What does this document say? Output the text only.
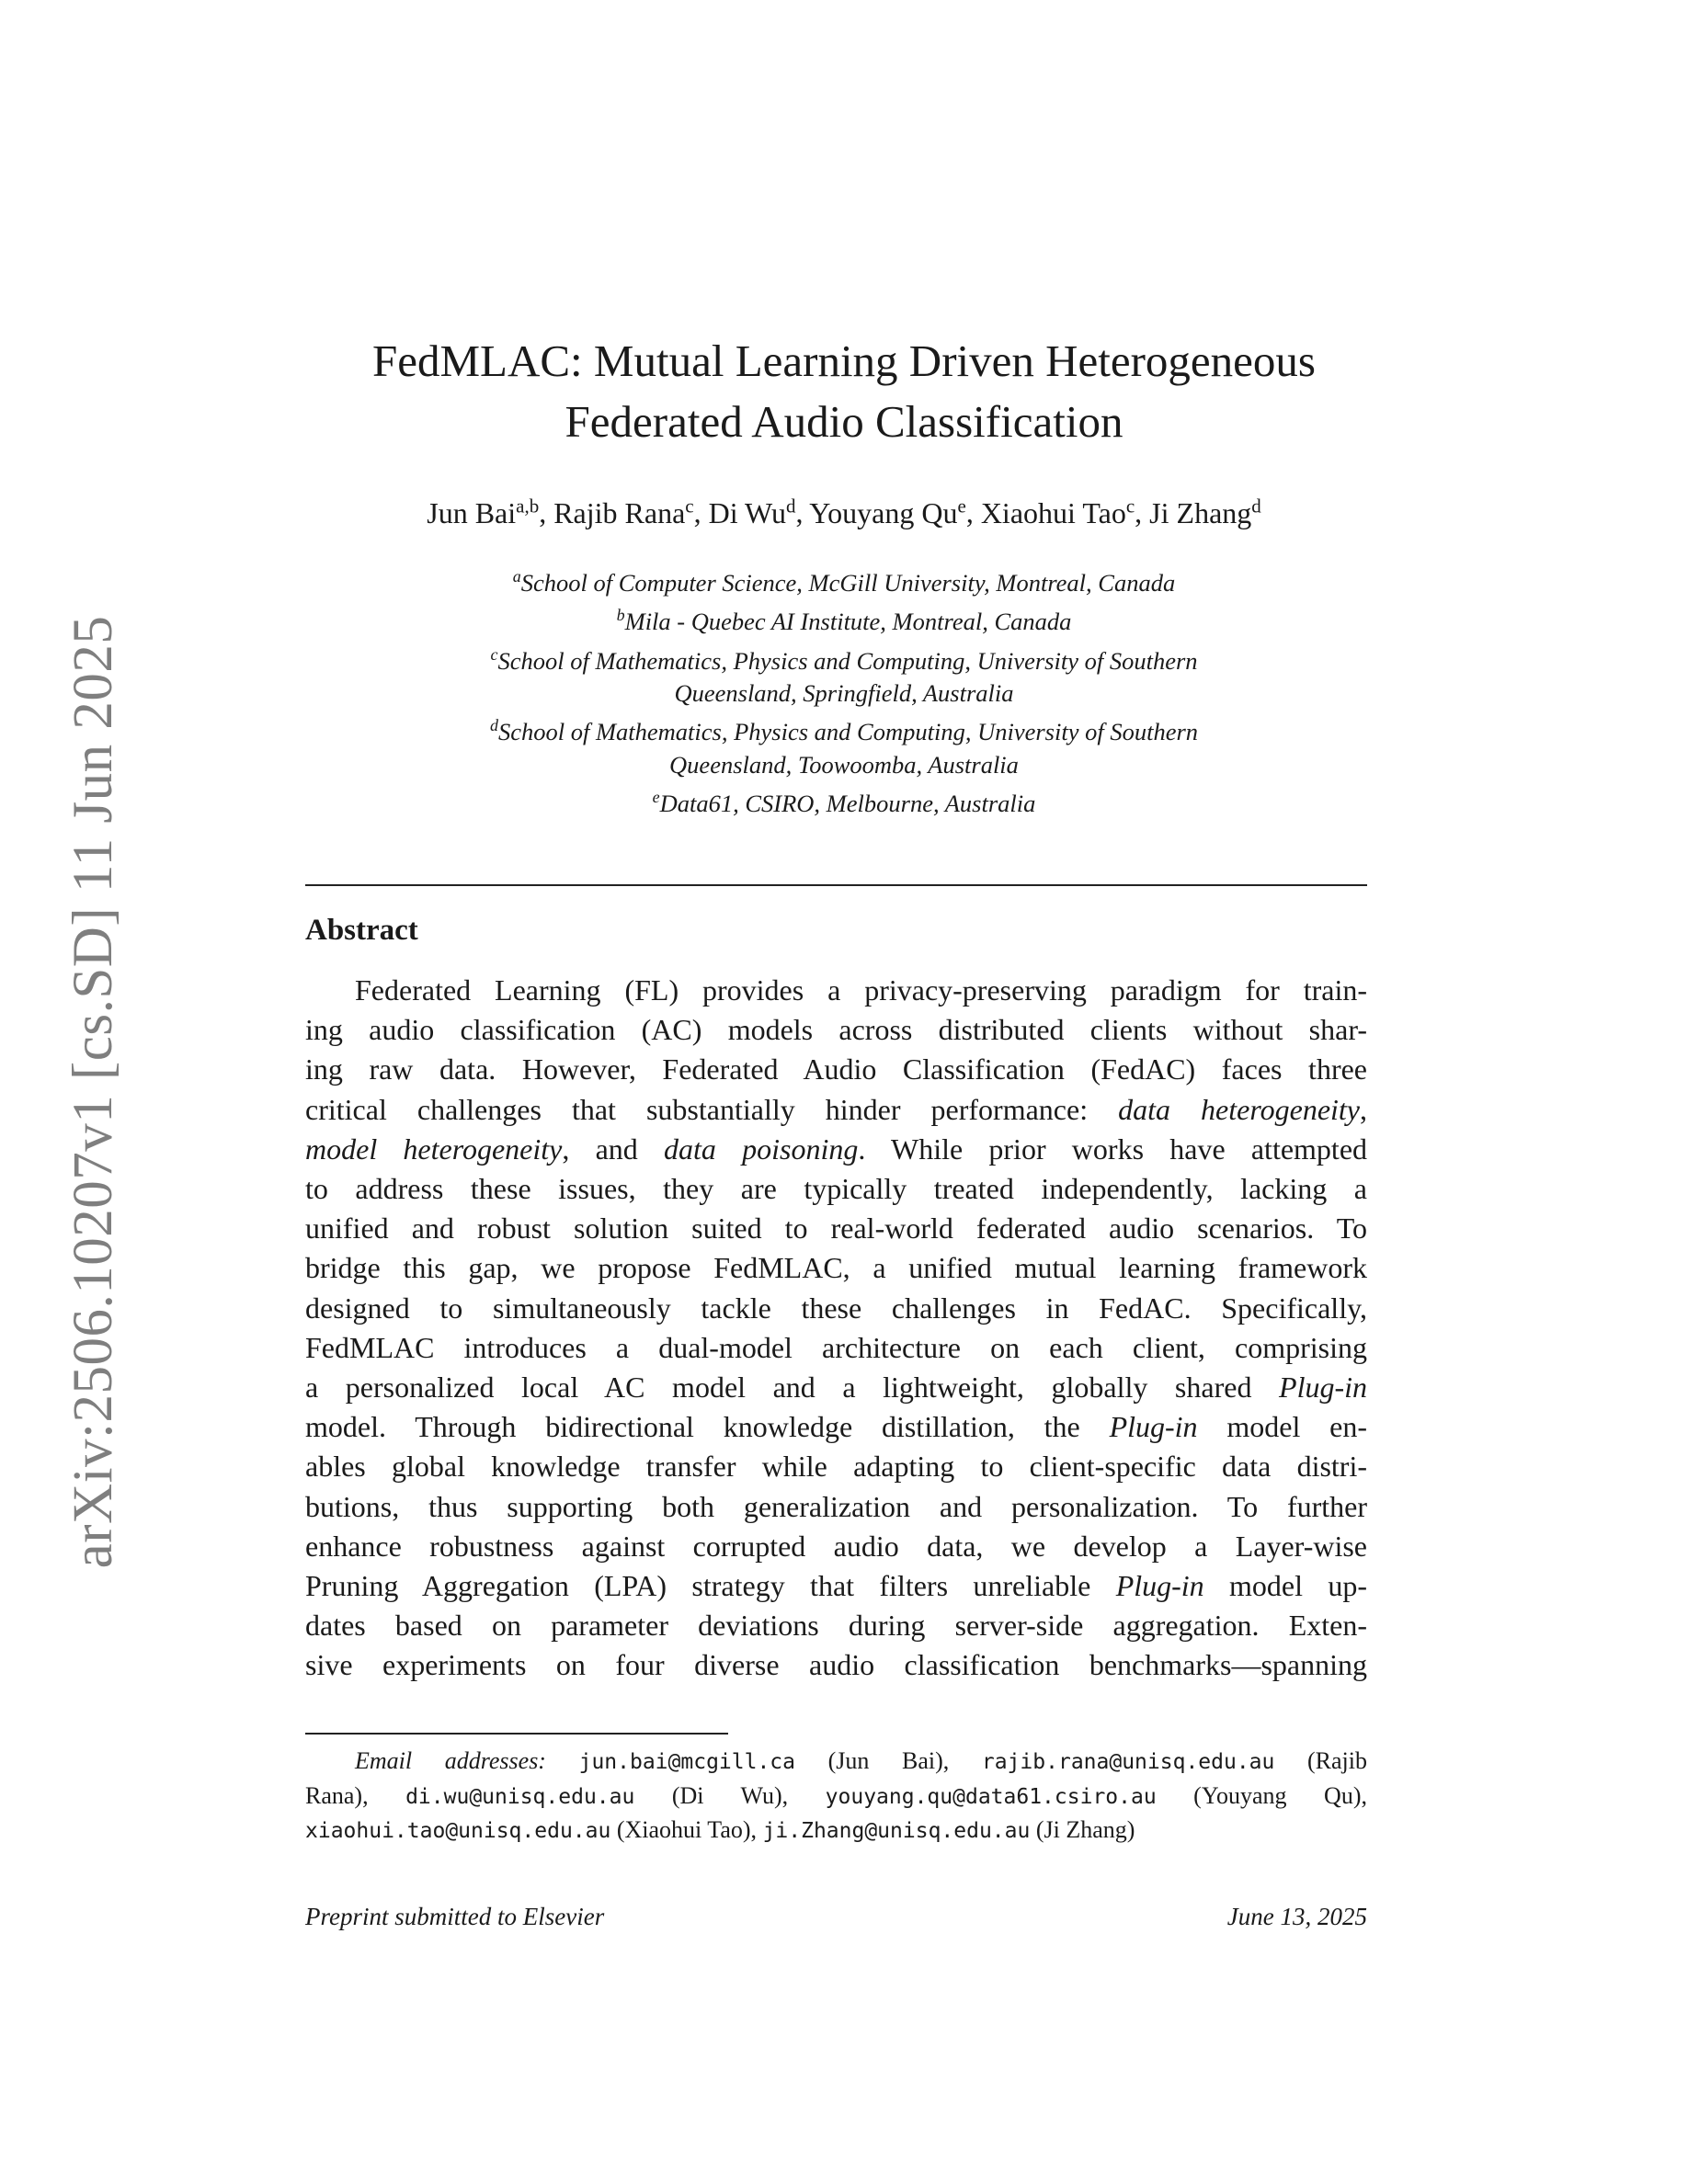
arXiv:2506.10207v1 [cs.SD] 11 Jun 2025
FedMLAC: Mutual Learning Driven Heterogeneous
Federated Audio Classification
Jun Bai$^{a,b}$, Rajib Rana$^c$, Di Wu$^d$, Youyang Qu$^e$, Xiaohui Tao$^c$, Ji Zhang$^d$
$^a$School of Computer Science, McGill University, Montreal, Canada
$^b$Mila - Quebec AI Institute, Montreal, Canada
$^c$School of Mathematics, Physics and Computing, University of Southern
Queensland, Springfield, Australia
$^d$School of Mathematics, Physics and Computing, University of Southern
Queensland, Toowoomba, Australia
$^e$Data61, CSIRO, Melbourne, Australia
Abstract
Federated Learning (FL) provides a privacy-preserving paradigm for train-
ing audio classification (AC) models across distributed clients without shar-
ing raw data. However, Federated Audio Classification (FedAC) faces three
critical challenges that substantially hinder performance: data heterogeneity,
model heterogeneity, and data poisoning. While prior works have attempted
to address these issues, they are typically treated independently, lacking a
unified and robust solution suited to real-world federated audio scenarios. To
bridge this gap, we propose FedMLAC, a unified mutual learning framework
designed to simultaneously tackle these challenges in FedAC. Specifically,
FedMLAC introduces a dual-model architecture on each client, comprising
a personalized local AC model and a lightweight, globally shared Plug-in
model. Through bidirectional knowledge distillation, the Plug-in model en-
ables global knowledge transfer while adapting to client-specific data distri-
butions, thus supporting both generalization and personalization. To further
enhance robustness against corrupted audio data, we develop a Layer-wise
Pruning Aggregation (LPA) strategy that filters unreliable Plug-in model up-
dates based on parameter deviations during server-side aggregation. Exten-
sive experiments on four diverse audio classification benchmarks—spanning
Email addresses: jun.bai@mcgill.ca (Jun Bai), rajib.rana@unisq.edu.au (Rajib
Rana), di.wu@unisq.edu.au (Di Wu), youyang.qu@data61.csiro.au (Youyang Qu),
xiaohui.tao@unisq.edu.au (Xiaohui Tao), ji.Zhang@unisq.edu.au (Ji Zhang)
Preprint submitted to Elsevier	June 13, 2025
